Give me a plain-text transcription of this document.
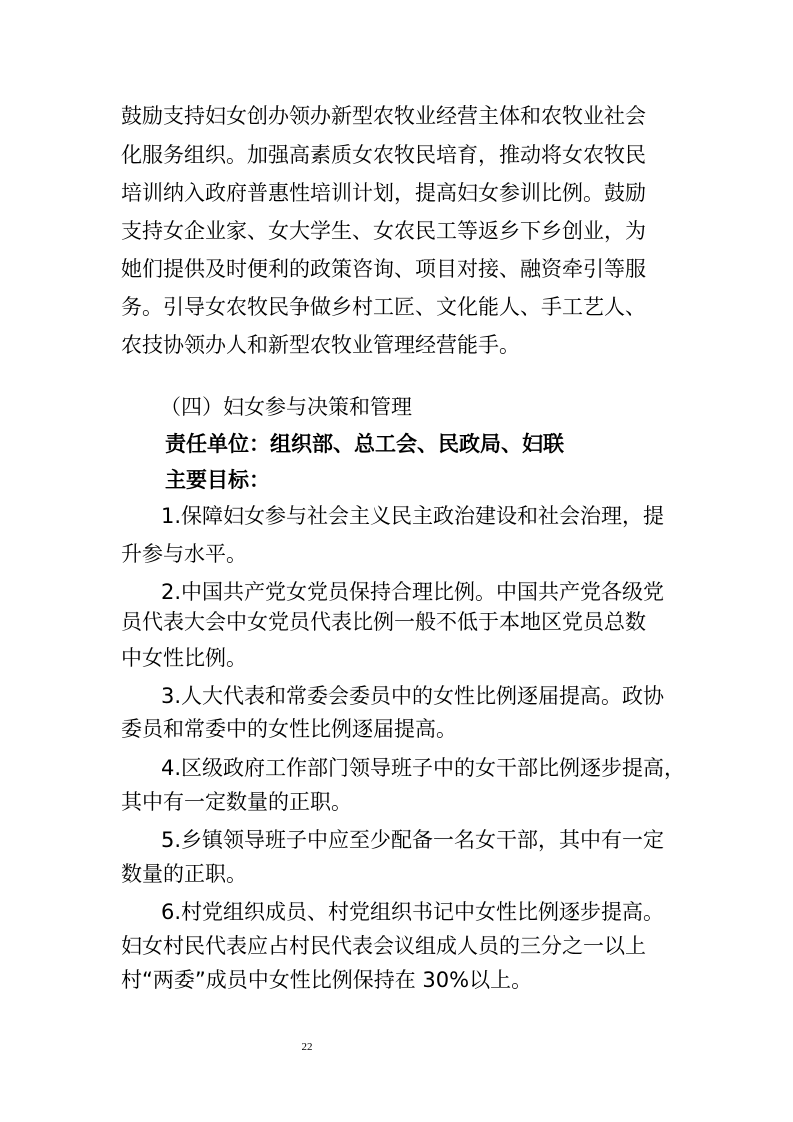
鼓励支持妇女创办领办新型农牧业经营主体和农牧业社会
化服务组织。加强高素质女农牧民培育，推动将女农牧民
培训纳入政府普惠性培训计划，提高妇女参训比例。鼓励
支持女企业家、女大学生、女农民工等返乡下乡创业，为
她们提供及时便利的政策咨询、项目对接、融资牵引等服
务。引导女农牧民争做乡村工匠、文化能人、手工艺人、
农技协领办人和新型农牧业管理经营能手。
（四）妇女参与决策和管理
责任单位：组织部、总工会、民政局、妇联
主要目标：
1.保障妇女参与社会主义民主政治建设和社会治理，提
升参与水平。
2.中国共产党女党员保持合理比例。中国共产党各级党
员代表大会中女党员代表比例一般不低于本地区党员总数
中女性比例。
3.人大代表和常委会委员中的女性比例逐届提高。政协
委员和常委中的女性比例逐届提高。
4.区级政府工作部门领导班子中的女干部比例逐步提高，
其中有一定数量的正职。
5.乡镇领导班子中应至少配备一名女干部，其中有一定
数量的正职。
6.村党组织成员、村党组织书记中女性比例逐步提高。
妇女村民代表应占村民代表会议组成人员的三分之一以上
村“两委”成员中女性比例保持在 30%以上。
22
